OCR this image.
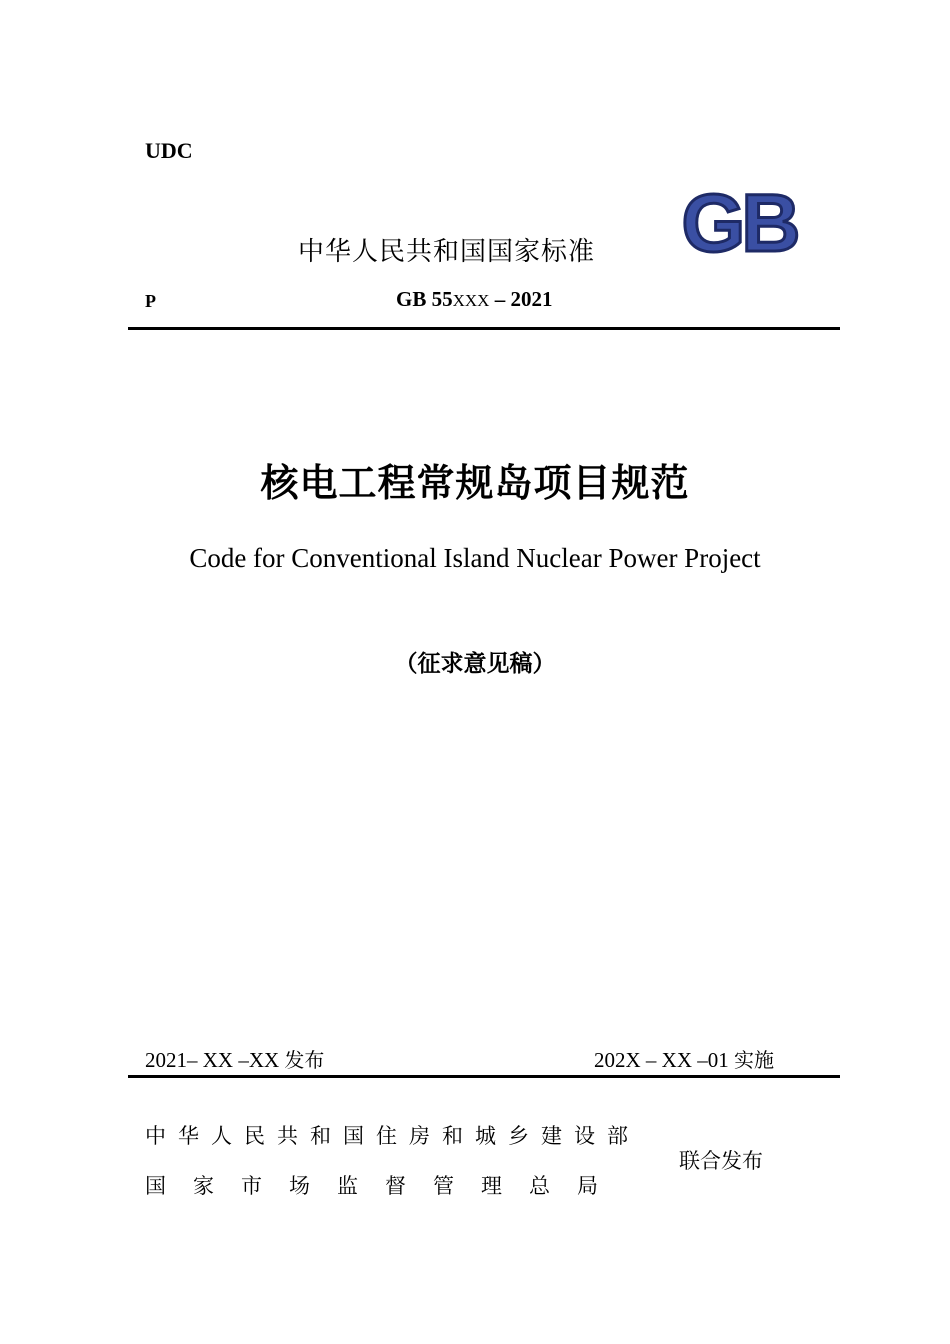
UDC
GB
中华人民共和国国家标准
P	GB 55XXX – 2021
核电工程常规岛项目规范
Code for Conventional Island Nuclear Power Project
（征求意见稿）
2021– XX –XX 发布	202X – XX –01 实施
中华人民共和国住房和城乡建设部
国家市场监督管理总局
联合发布
